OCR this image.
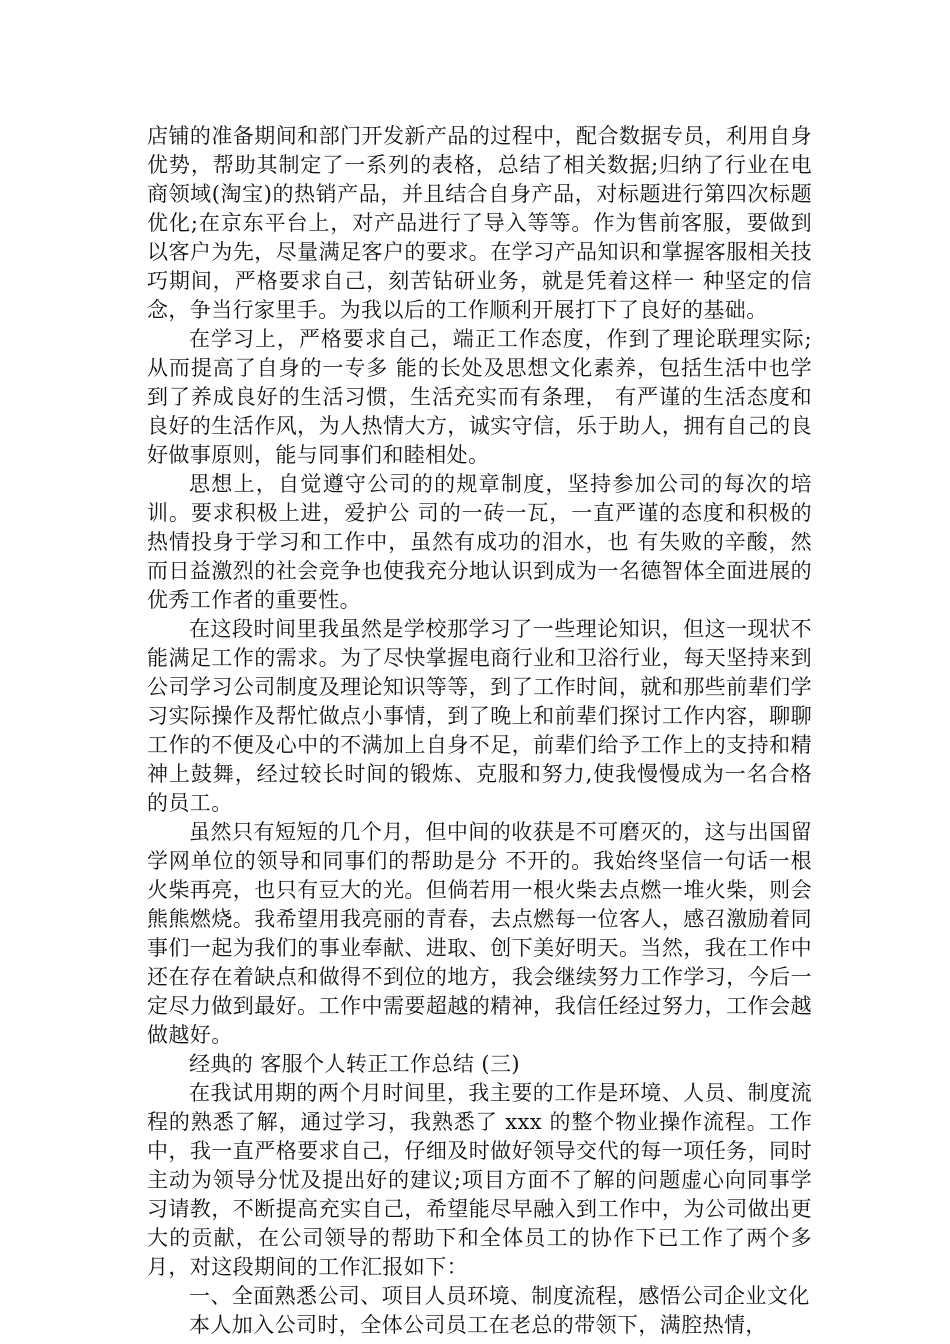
店铺的准备期间和部门开发新产品的过程中，配合数据专员，利用自身优势，帮助其制定了一系列的表格，总结了相关数据;归纳了行业在电商领域(淘宝)的热销产品，并且结合自身产品，对标题进行第四次标题优化;在京东平台上，对产品进行了导入等等。作为售前客服，要做到以客户为先，尽量满足客户的要求。在学习产品知识和掌握客服相关技巧期间，严格要求自己，刻苦钻研业务，就是凭着这样一 种坚定的信念，争当行家里手。为我以后的工作顺利开展打下了良好的基础。

在学习上，严格要求自己，端正工作态度，作到了理论联理实际;从而提高了自身的一专多 能的长处及思想文化素养，包括生活中也学到了养成良好的生活习惯，生活充实而有条理， 有严谨的生活态度和良好的生活作风，为人热情大方，诚实守信，乐于助人，拥有自己的良 好做事原则，能与同事们和睦相处。

思想上，自觉遵守公司的的规章制度，坚持参加公司的每次的培训。要求积极上进，爱护公 司的一砖一瓦，一直严谨的态度和积极的热情投身于学习和工作中，虽然有成功的泪水，也 有失败的辛酸，然而日益激烈的社会竞争也使我充分地认识到成为一名德智体全面进展的优秀工作者的重要性。

在这段时间里我虽然是学校那学习了一些理论知识，但这一现状不能满足工作的需求。为了尽快掌握电商行业和卫浴行业，每天坚持来到公司学习公司制度及理论知识等等，到了工作时间，就和那些前辈们学习实际操作及帮忙做点小事情，到了晚上和前辈们探讨工作内容，聊聊工作的不便及心中的不满加上自身不足，前辈们给予工作上的支持和精神上鼓舞，经过较长时间的锻炼、克服和努力,使我慢慢成为一名合格的员工。

虽然只有短短的几个月，但中间的收获是不可磨灭的，这与出国留学网单位的领导和同事们的帮助是分 不开的。我始终坚信一句话一根火柴再亮，也只有豆大的光。但倘若用一根火柴去点燃一堆火柴，则会熊熊燃烧。我希望用我亮丽的青春，去点燃每一位客人，感召激励着同事们一起为我们的事业奉献、进取、创下美好明天。当然，我在工作中还在存在着缺点和做得不到位的地方，我会继续努力工作学习，今后一定尽力做到最好。工作中需要超越的精神，我信任经过努力，工作会越做越好。

经典的 客服个人转正工作总结 (三)

在我试用期的两个月时间里，我主要的工作是环境、人员、制度流程的熟悉了解，通过学习，我熟悉了 xxx 的整个物业操作流程。工作中，我一直严格要求自己，仔细及时做好领导交代的每一项任务，同时主动为领导分忧及提出好的建议;项目方面不了解的问题虚心向同事学习请教，不断提高充实自己，希望能尽早融入到工作中，为公司做出更大的贡献，在公司领导的帮助下和全体员工的协作下已工作了两个多月，对这段期间的工作汇报如下：

一、全面熟悉公司、项目人员环境、制度流程，感悟公司企业文化

本人加入公司时，全体公司员工在老总的带领下，满腔热情，
